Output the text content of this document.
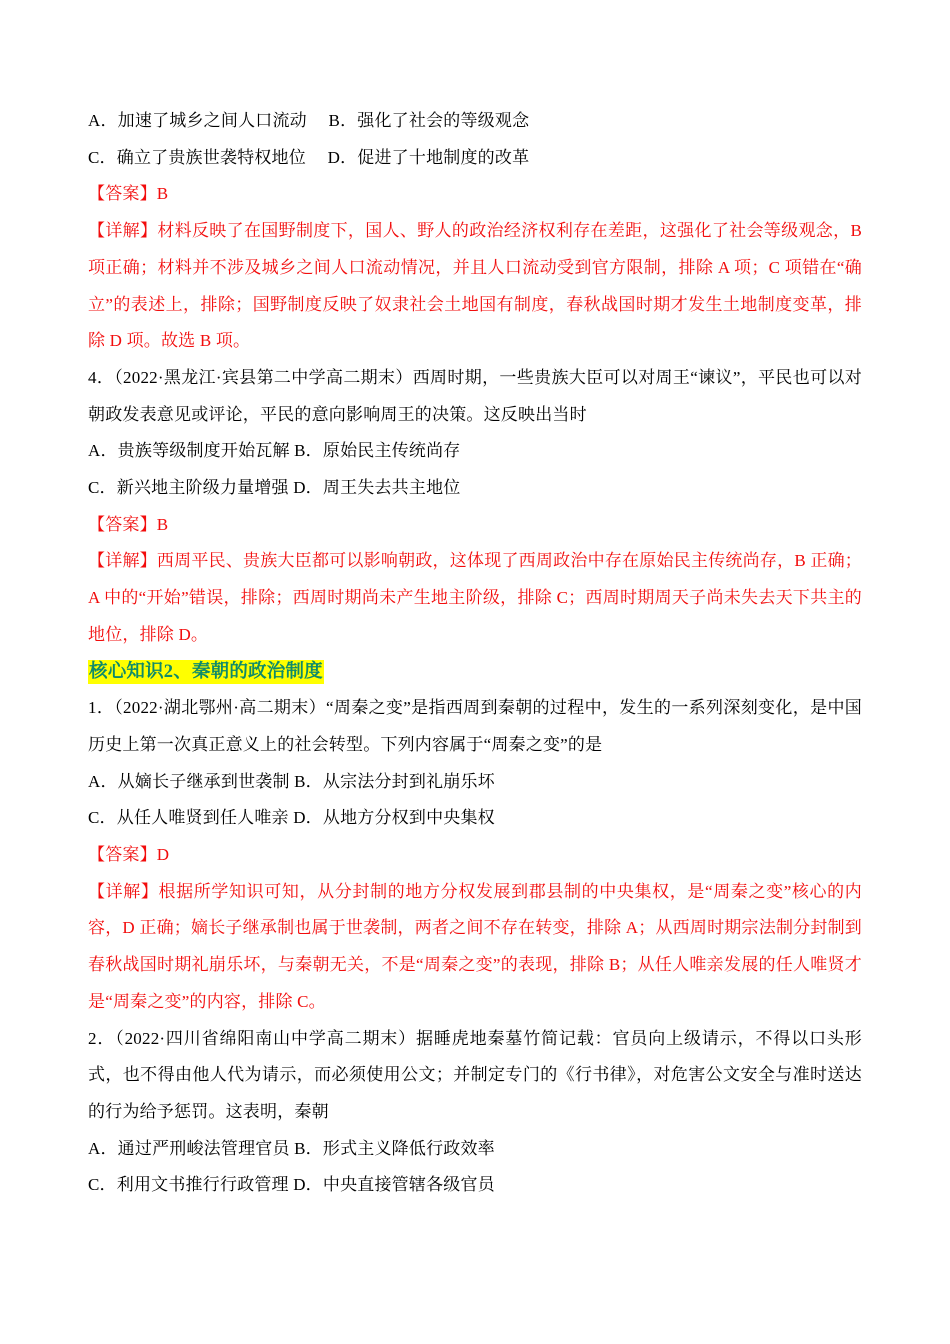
A．加速了城乡之间人口流动　 B．强化了社会的等级观念

C．确立了贵族世袭特权地位　 D．促进了十地制度的改革

【答案】B

【详解】材料反映了在国野制度下，国人、野人的政治经济权利存在差距，这强化了社会等级观念，B 项正确；材料并不涉及城乡之间人口流动情况，并且人口流动受到官方限制，排除 A 项；C 项错在“确立”的表述上，排除；国野制度反映了奴隶社会土地国有制度，春秋战国时期才发生土地制度变革，排除 D 项。故选 B 项。

4．（2022·黑龙江·宾县第二中学高二期末）西周时期，一些贵族大臣可以对周王“谏议”，平民也可以对朝政发表意见或评论，平民的意向影响周王的决策。这反映出当时

A．贵族等级制度开始瓦解 B．原始民主传统尚存

C．新兴地主阶级力量增强 D．周王失去共主地位

【答案】B

【详解】西周平民、贵族大臣都可以影响朝政，这体现了西周政治中存在原始民主传统尚存，B 正确；A 中的“开始”错误，排除；西周时期尚未产生地主阶级，排除 C；西周时期周天子尚未失去天下共主的地位，排除 D。

核心知识2、秦朝的政治制度

1．（2022·湖北鄂州·高二期末）“周秦之变”是指西周到秦朝的过程中，发生的一系列深刻变化，是中国历史上第一次真正意义上的社会转型。下列内容属于“周秦之变”的是

A．从嫡长子继承到世袭制 B．从宗法分封到礼崩乐坏

C．从任人唯贤到任人唯亲 D．从地方分权到中央集权

【答案】D

【详解】根据所学知识可知，从分封制的地方分权发展到郡县制的中央集权，是“周秦之变”核心的内容，D 正确；嫡长子继承制也属于世袭制，两者之间不存在转变，排除 A；从西周时期宗法制分封制到春秋战国时期礼崩乐坏，与秦朝无关，不是“周秦之变”的表现，排除 B；从任人唯亲发展的任人唯贤才是“周秦之变”的内容，排除 C。

2．（2022·四川省绵阳南山中学高二期末）据睡虎地秦墓竹简记载：官员向上级请示，不得以口头形式，也不得由他人代为请示，而必须使用公文；并制定专门的《行书律》，对危害公文安全与准时送达的行为给予惩罚。这表明，秦朝

A．通过严刑峻法管理官员 B．形式主义降低行政效率

C．利用文书推行行政管理 D．中央直接管辖各级官员
